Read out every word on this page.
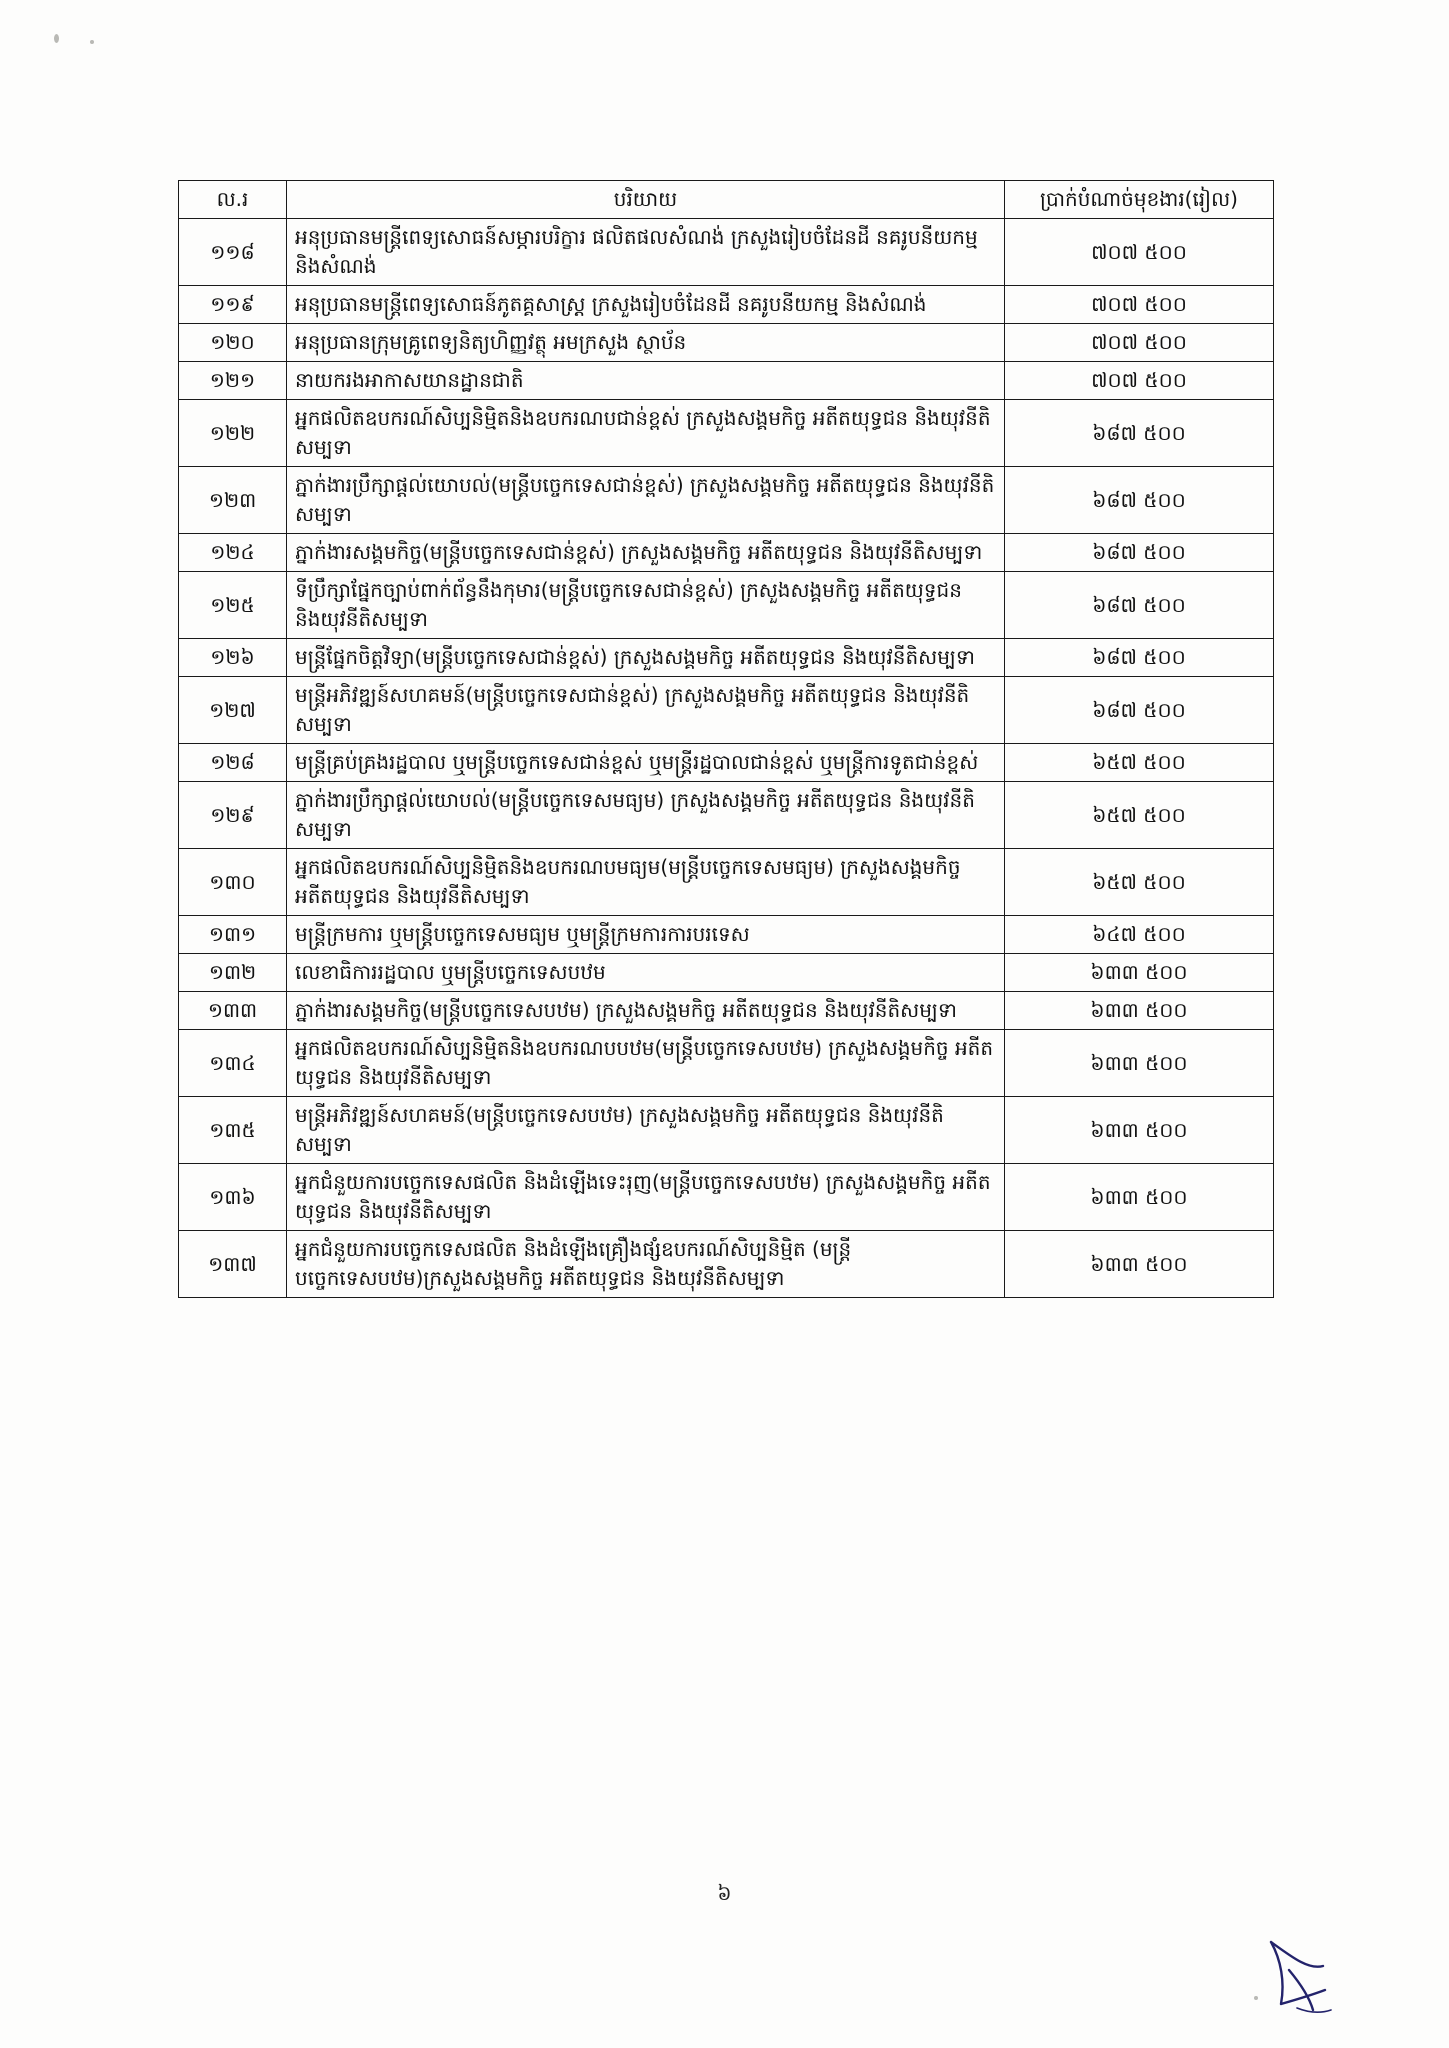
ល.រ	បរិយាយ	ប្រាក់បំណាច់មុខងារ(រៀល)
១១៨	អនុប្រធានមន្ត្រីពេទ្យសោធន៍សម្ភារបរិក្ខារ ផលិតផលសំណង់ ក្រសួងរៀបចំដែនដី នគរូបនីយកម្ម និងសំណង់	៧០៧ ៥០០
១១៩	អនុប្រធានមន្ត្រីពេទ្យសោធន៍ភូតគ្គសាស្ត្រ ក្រសួងរៀបចំដែនដី នគរូបនីយកម្ម និងសំណង់	៧០៧ ៥០០
១២០	អនុប្រធានក្រុមគ្រូពេទ្យនិត្យហិញ្ញវត្ថុ អមក្រសួង ស្ថាប័ន	៧០៧ ៥០០
១២១	នាយករងអាកាសយានដ្ឋានជាតិ	៧០៧ ៥០០
១២២	អ្នកផលិតឧបករណ៍សិប្បនិម្មិតនិងឧបករណបជាន់ខ្ពស់ ក្រសួងសង្គមកិច្ច អតីតយុទ្ធជន និងយុវនីតិសម្បទា	៦៨៧ ៥០០
១២៣	ភ្នាក់ងារប្រឹក្សាផ្ដល់យោបល់(មន្ត្រីបច្ចេកទេសជាន់ខ្ពស់) ក្រសួងសង្គមកិច្ច អតីតយុទ្ធជន និងយុវនីតិសម្បទា	៦៨៧ ៥០០
១២៤	ភ្នាក់ងារសង្គមកិច្ច(មន្ត្រីបច្ចេកទេសជាន់ខ្ពស់) ក្រសួងសង្គមកិច្ច អតីតយុទ្ធជន និងយុវនីតិសម្បទា	៦៨៧ ៥០០
១២៥	ទីប្រឹក្សាផ្នែកច្បាប់ពាក់ព័ន្ធនឹងកុមារ(មន្ត្រីបច្ចេកទេសជាន់ខ្ពស់) ក្រសួងសង្គមកិច្ច អតីតយុទ្ធជន និងយុវនីតិសម្បទា	៦៨៧ ៥០០
១២៦	មន្ត្រីផ្នែកចិត្តវិទ្យា(មន្ត្រីបច្ចេកទេសជាន់ខ្ពស់) ក្រសួងសង្គមកិច្ច អតីតយុទ្ធជន និងយុវនីតិសម្បទា	៦៨៧ ៥០០
១២៧	មន្ត្រីអភិវឌ្ឍន៍សហគមន៍(មន្ត្រីបច្ចេកទេសជាន់ខ្ពស់) ក្រសួងសង្គមកិច្ច អតីតយុទ្ធជន និងយុវនីតិសម្បទា	៦៨៧ ៥០០
១២៨	មន្ត្រីគ្រប់គ្រងរដ្ឋបាល ឬមន្ត្រីបច្ចេកទេសជាន់ខ្ពស់ ឬមន្ត្រីរដ្ឋបាលជាន់ខ្ពស់ ឬមន្ត្រីការទូតជាន់ខ្ពស់	៦៥៧ ៥០០
១២៩	ភ្នាក់ងារប្រឹក្សាផ្ដល់យោបល់(មន្ត្រីបច្ចេកទេសមធ្យម) ក្រសួងសង្គមកិច្ច អតីតយុទ្ធជន និងយុវនីតិសម្បទា	៦៥៧ ៥០០
១៣០	អ្នកផលិតឧបករណ៍សិប្បនិម្មិតនិងឧបករណបមធ្យម(មន្ត្រីបច្ចេកទេសមធ្យម) ក្រសួងសង្គមកិច្ច អតីតយុទ្ធជន និងយុវនីតិសម្បទា	៦៥៧ ៥០០
១៣១	មន្ត្រីក្រមការ ឬមន្ត្រីបច្ចេកទេសមធ្យម ឬមន្ត្រីក្រមការការបរទេស	៦៤៧ ៥០០
១៣២	លេខាធិការរដ្ឋបាល ឬមន្ត្រីបច្ចេកទេសបឋម	៦៣៣ ៥០០
១៣៣	ភ្នាក់ងារសង្គមកិច្ច(មន្ត្រីបច្ចេកទេសបឋម) ក្រសួងសង្គមកិច្ច អតីតយុទ្ធជន និងយុវនីតិសម្បទា	៦៣៣ ៥០០
១៣៤	អ្នកផលិតឧបករណ៍សិប្បនិម្មិតនិងឧបករណបបឋម(មន្ត្រីបច្ចេកទេសបឋម) ក្រសួងសង្គមកិច្ច អតីតយុទ្ធជន និងយុវនីតិសម្បទា	៦៣៣ ៥០០
១៣៥	មន្ត្រីអភិវឌ្ឍន៍សហគមន៍(មន្ត្រីបច្ចេកទេសបឋម) ក្រសួងសង្គមកិច្ច អតីតយុទ្ធជន និងយុវនីតិសម្បទា	៦៣៣ ៥០០
១៣៦	អ្នកជំនួយការបច្ចេកទេសផលិត និងដំឡើងទេះរុញ(មន្ត្រីបច្ចេកទេសបឋម) ក្រសួងសង្គមកិច្ច អតីតយុទ្ធជន និងយុវនីតិសម្បទា	៦៣៣ ៥០០
១៣៧	អ្នកជំនួយការបច្ចេកទេសផលិត និងដំឡើងគ្រឿងផ្សំឧបករណ៍សិប្បនិម្មិត (មន្ត្រីបច្ចេកទេសបឋម)ក្រសួងសង្គមកិច្ច អតីតយុទ្ធជន និងយុវនីតិសម្បទា	៦៣៣ ៥០០
៦
